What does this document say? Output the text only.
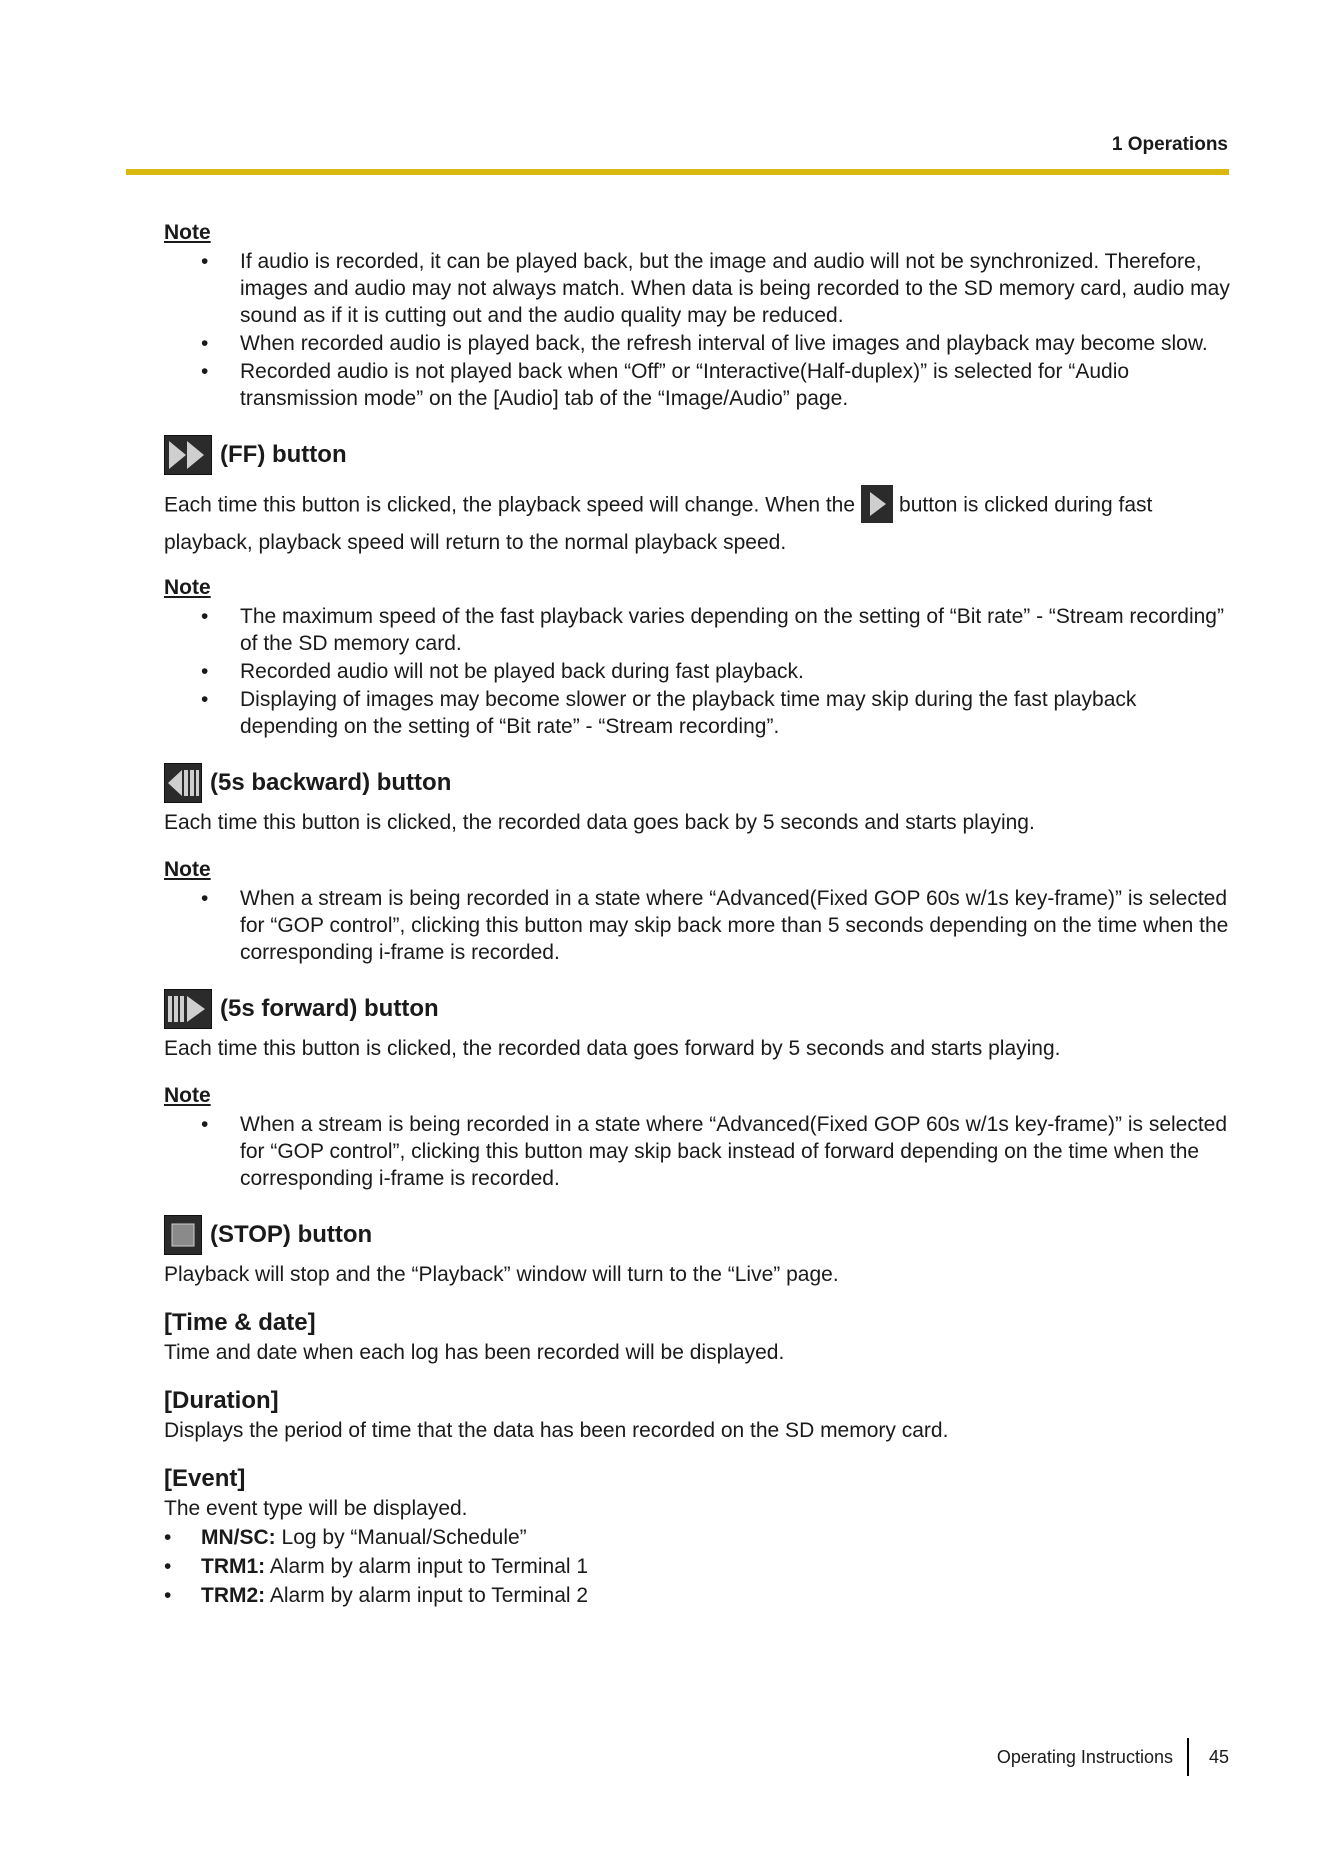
1 Operations
Note
• If audio is recorded, it can be played back, but the image and audio will not be synchronized. Therefore, images and audio may not always match. When data is being recorded to the SD memory card, audio may sound as if it is cutting out and the audio quality may be reduced.
• When recorded audio is played back, the refresh interval of live images and playback may become slow.
• Recorded audio is not played back when “Off” or “Interactive(Half-duplex)” is selected for “Audio transmission mode” on the [Audio] tab of the “Image/Audio” page.
(FF) button
Each time this button is clicked, the playback speed will change. When the button is clicked during fast playback, playback speed will return to the normal playback speed.
Note
• The maximum speed of the fast playback varies depending on the setting of “Bit rate” - “Stream recording” of the SD memory card.
• Recorded audio will not be played back during fast playback.
• Displaying of images may become slower or the playback time may skip during the fast playback depending on the setting of “Bit rate” - “Stream recording”.
(5s backward) button
Each time this button is clicked, the recorded data goes back by 5 seconds and starts playing.
Note
• When a stream is being recorded in a state where “Advanced(Fixed GOP 60s w/1s key-frame)” is selected for “GOP control”, clicking this button may skip back more than 5 seconds depending on the time when the corresponding i-frame is recorded.
(5s forward) button
Each time this button is clicked, the recorded data goes forward by 5 seconds and starts playing.
Note
• When a stream is being recorded in a state where “Advanced(Fixed GOP 60s w/1s key-frame)” is selected for “GOP control”, clicking this button may skip back instead of forward depending on the time when the corresponding i-frame is recorded.
(STOP) button
Playback will stop and the “Playback” window will turn to the “Live” page.
[Time & date]
Time and date when each log has been recorded will be displayed.
[Duration]
Displays the period of time that the data has been recorded on the SD memory card.
[Event]
The event type will be displayed.
• MN/SC: Log by “Manual/Schedule”
• TRM1: Alarm by alarm input to Terminal 1
• TRM2: Alarm by alarm input to Terminal 2
Operating Instructions 45
